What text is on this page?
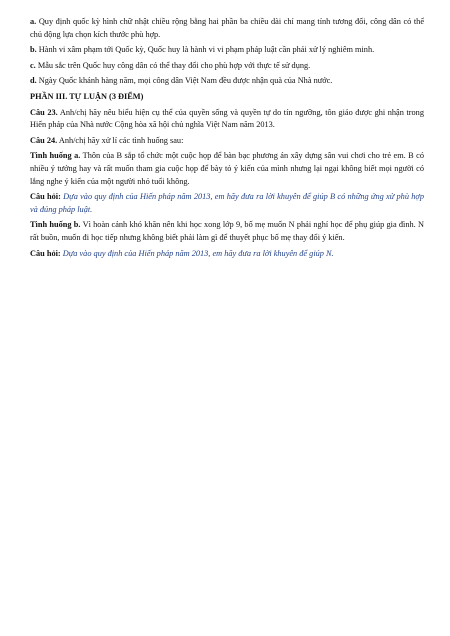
a. Quy định quốc kỳ hình chữ nhật chiều rộng bằng hai phần ba chiều dài chỉ mang tính tương đối, công dân có thể chủ động lựa chọn kích thước phù hợp.

b. Hành vi xâm phạm tới Quốc kỳ, Quốc huy là hành vi vi phạm pháp luật cần phải xử lý nghiêm minh.

c. Mẫu sắc trên Quốc huy công dân có thể thay đổi cho phù hợp với thực tế sử dụng.

d. Ngày Quốc khánh hàng năm, mọi công dân Việt Nam đều được nhận quà của Nhà nước.

PHẦN III. TỰ LUẬN (3 ĐIỂM)

Câu 23. Anh/chị hãy nêu biểu hiện cụ thể của quyền sống và quyền tự do tín ngưỡng, tôn giáo được ghi nhận trong Hiến pháp của Nhà nước Cộng hòa xã hội chủ nghĩa Việt Nam năm 2013.

Câu 24. Anh/chị hãy xử lí các tình huống sau:

Tình huống a. Thôn của B sắp tổ chức một cuộc họp để bàn bạc phương án xây dựng sân vui chơi cho trẻ em. B có nhiều ý tưởng hay và rất muốn tham gia cuộc họp để bày tỏ ý kiến của mình nhưng lại ngại không biết mọi người có lắng nghe ý kiến của một người nhỏ tuổi không.

Câu hỏi: Dựa vào quy định của Hiến pháp năm 2013, em hãy đưa ra lời khuyên để giúp B có những ứng xử phù hợp và đúng pháp luật.

Tình huống b. Vì hoàn cảnh khó khăn nên khi học xong lớp 9, bố mẹ muốn N phải nghỉ học để phụ giúp gia đình. N rất buồn, muốn đi học tiếp nhưng không biết phải làm gì để thuyết phục bố mẹ thay đổi ý kiến.

Câu hỏi: Dựa vào quy định của Hiến pháp năm 2013, em hãy đưa ra lời khuyên để giúp N.
